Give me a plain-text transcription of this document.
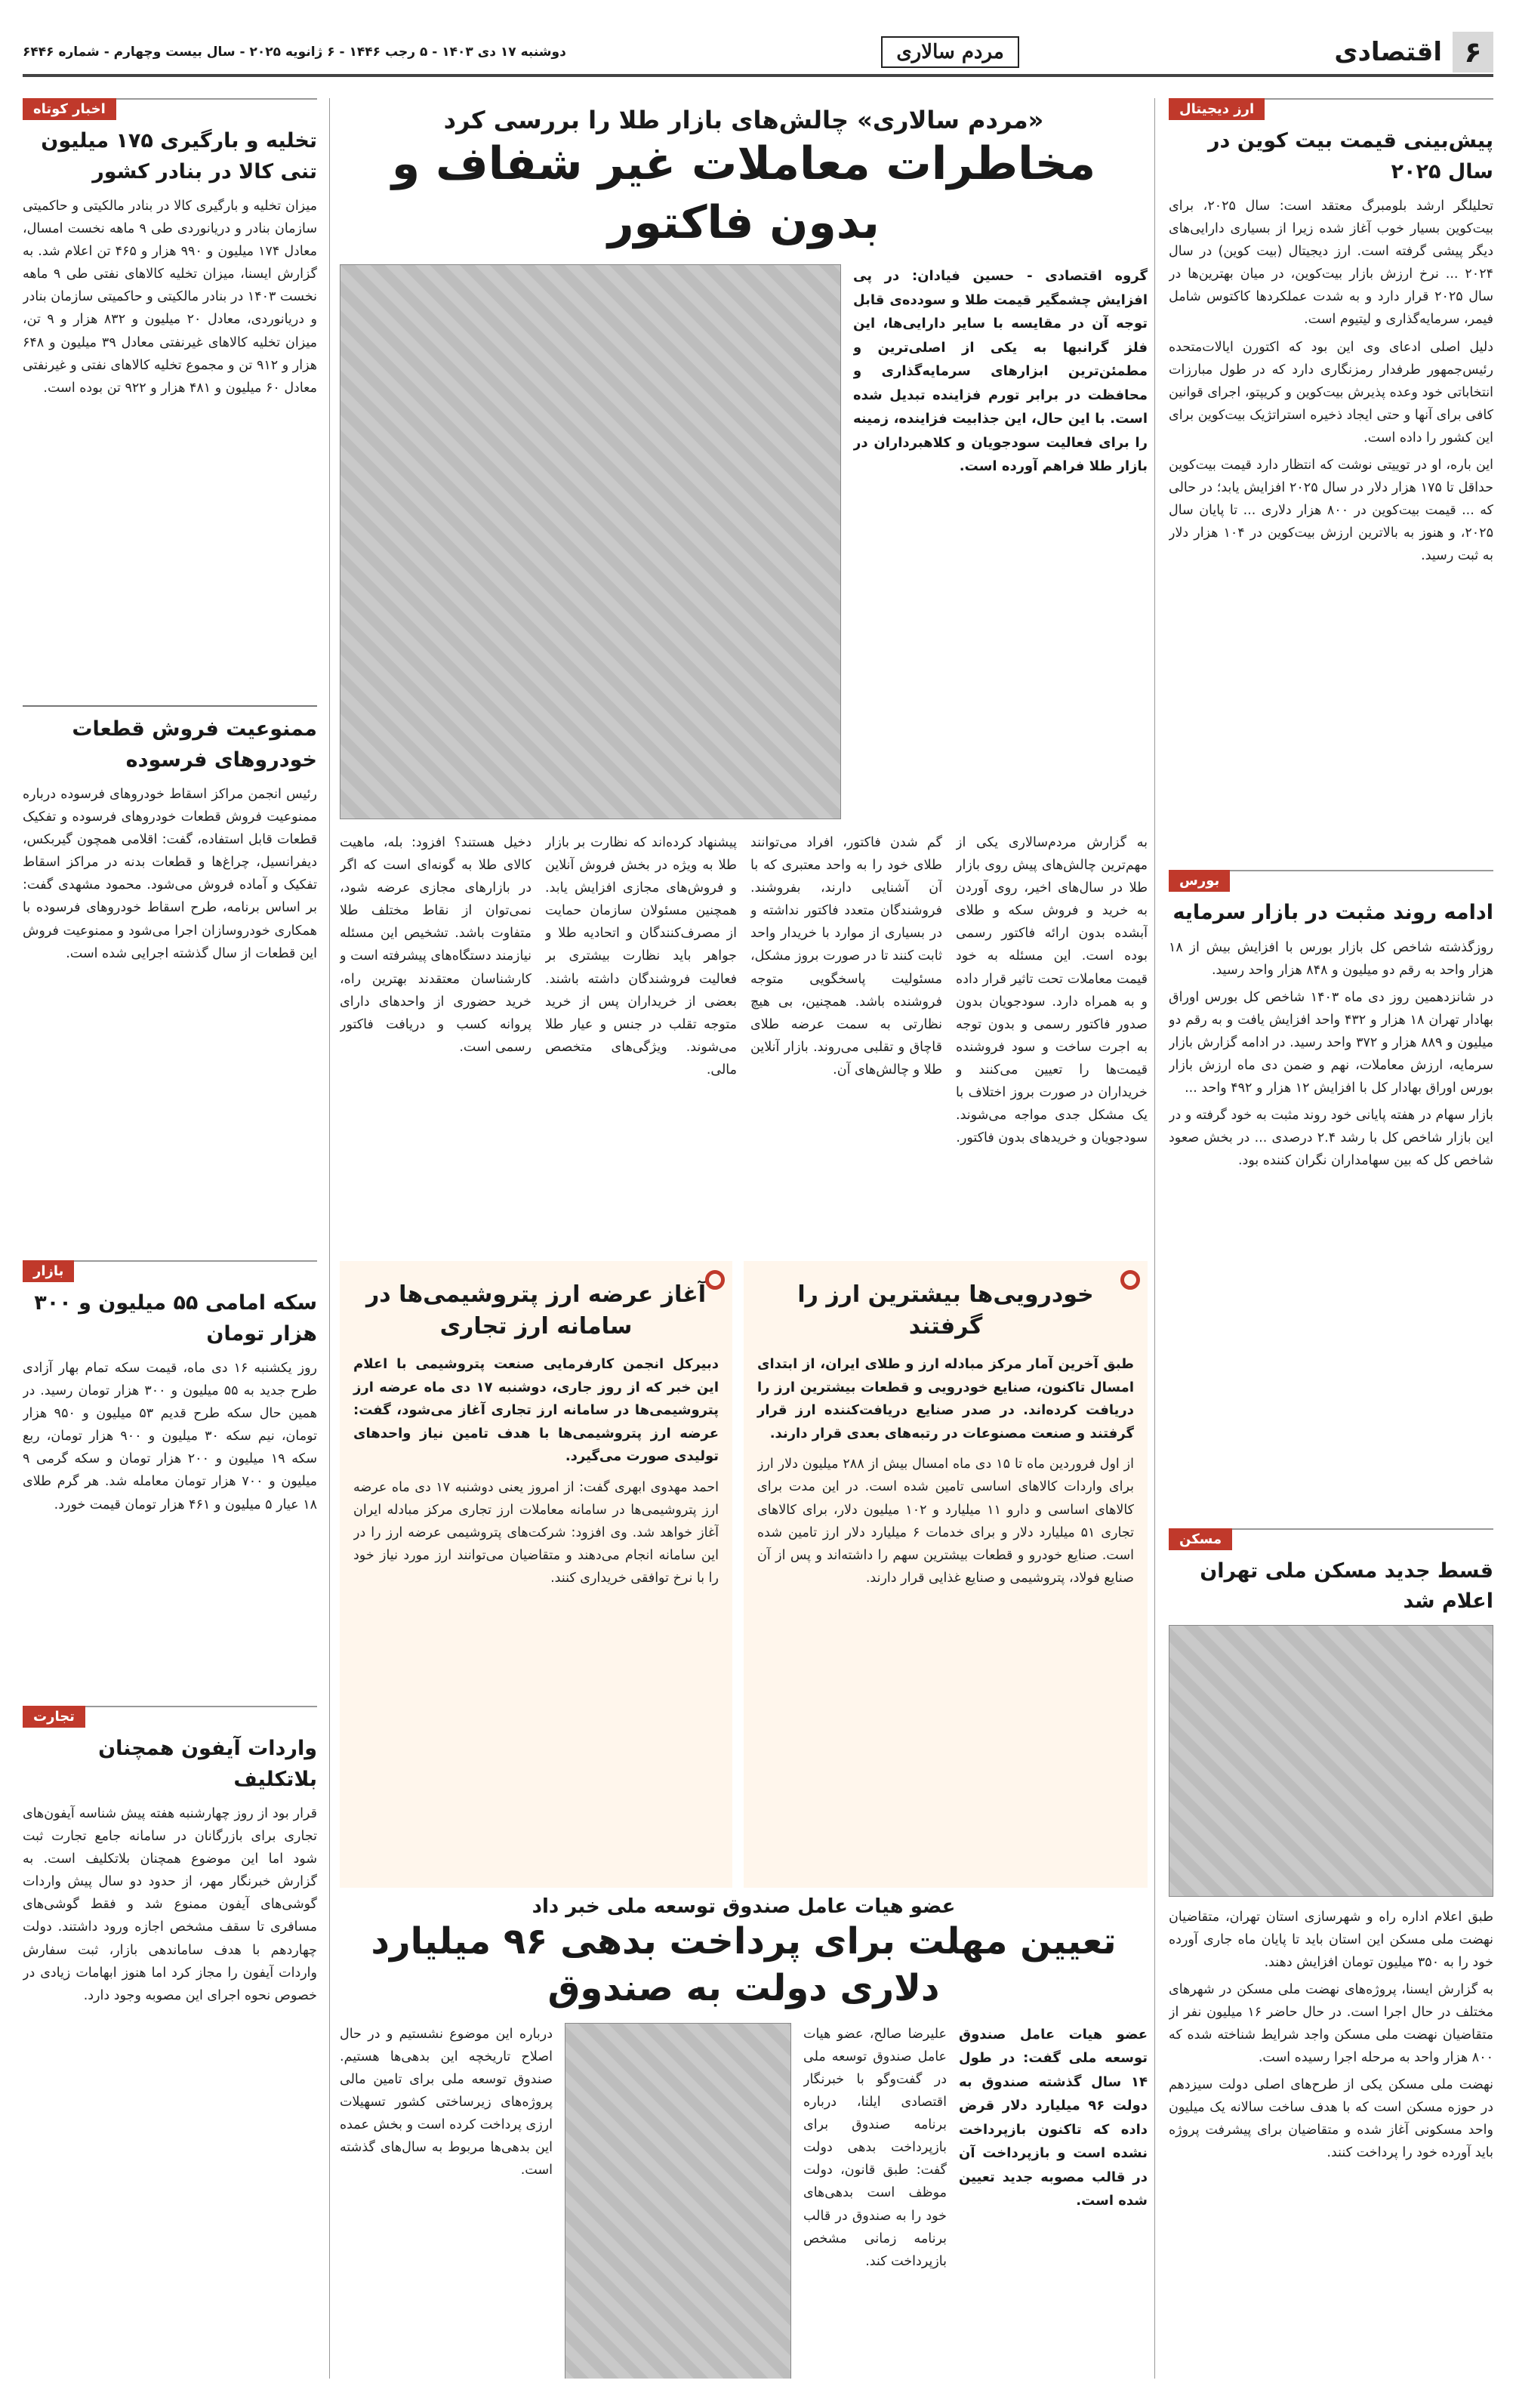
۶
اقتصادی
مردم سالاری
دوشنبه ۱۷ دی ۱۴۰۳ - ۵ رجب ۱۴۴۶ - ۶ ژانویه ۲۰۲۵ - سال بیست وچهارم - شماره ۶۴۴۶
ارز دیجیتال
پیش‌بینی قیمت بیت کوین در سال ۲۰۲۵

تحلیلگر ارشد بلومبرگ معتقد است: سال ۲۰۲۵، برای بیت‌کوین بسیار خوب آغاز شده زیرا از بسیاری دارایی‌های دیگر پیشی گرفته است. ارز دیجیتال (بیت کوین) در سال ۲۰۲۴ ... نرخ ارزش بازار بیت‌کوین، در میان بهترین‌ها در سال ۲۰۲۵ قرار دارد و به شدت عملکردها کاکتوس شامل فیمر، سرمایه‌گذاری و لیتیوم است.

دلیل اصلی ادعای وی این بود که اکتورن ایالات‌متحده رئیس‌جمهور طرفدار رمزنگاری دارد که در طول مبارزات انتخاباتی خود وعده پذیرش بیت‌کوین و کریپتو، اجرای قوانین کافی برای آنها و حتی ایجاد ذخیره استراتژیک بیت‌کوین برای این کشور را داده است.

این باره، او در توییتی نوشت که انتظار دارد قیمت بیت‌کوین حداقل تا ۱۷۵ هزار دلار در سال ۲۰۲۵ افزایش یابد؛ در حالی که ... قیمت بیت‌کوین در ۸۰۰ هزار دلاری ... تا پایان سال ۲۰۲۵، و هنوز به بالاترین ارزش بیت‌کوین در ۱۰۴ هزار دلار به ثبت رسید.

بورس
ادامه روند مثبت در بازار سرمایه

روزگذشته شاخص کل بازار بورس با افزایش بیش از ۱۸ هزار واحد به رقم دو میلیون و ۸۴۸ هزار واحد رسید.

در شانزدهمین روز دی ماه ۱۴۰۳ شاخص کل بورس اوراق بهادار تهران ۱۸ هزار و ۴۳۲ واحد افزایش یافت و به رقم دو میلیون و ۸۸۹ هزار و ۳۷۲ واحد رسید. در ادامه گزارش بازار سرمایه، ارزش معاملات، نهم و ضمن دی ماه ارزش بازار بورس اوراق بهادار کل با افزایش ۱۲ هزار و ۴۹۲ واحد ...

بازار سهام در هفته پایانی خود روند مثبت به خود گرفته و در این بازار شاخص کل با رشد ۲.۴ درصدی ... در بخش صعود شاخص کل که بین سهامداران نگران کننده بود.

مسکن
قسط جدید مسکن ملی تهران اعلام شد

طبق اعلام اداره راه و شهرسازی استان تهران، متقاضیان نهضت ملی مسکن این استان باید تا پایان ماه جاری آورده خود را به ۳۵۰ میلیون تومان افزایش دهند.

به گزارش ایسنا، پروژه‌های نهضت ملی مسکن در شهرهای مختلف در حال اجرا است. در حال حاضر ۱۶ میلیون نفر از متقاضیان نهضت ملی مسکن واجد شرایط شناخته شده که ۸۰۰ هزار واحد به مرحله اجرا رسیده است.

نهضت ملی مسکن یکی از طرح‌های اصلی دولت سیزدهم در حوزه مسکن است که با هدف ساخت سالانه یک میلیون واحد مسکونی آغاز شده و متقاضیان برای پیشرفت پروژه باید آورده خود را پرداخت کنند.

اخبار کوتاه
تخلیه و بارگیری ۱۷۵ میلیون تنی کالا در بنادر کشور
میزان تخلیه و بارگیری کالا در بنادر مالکیتی و حاکمیتی سازمان بنادر و دریانوردی طی ۹ ماهه نخست امسال، معادل ۱۷۴ میلیون و ۹۹۰ هزار و ۴۶۵ تن اعلام شد. به گزارش ایسنا، میزان تخلیه کالاهای نفتی طی ۹ ماهه نخست ۱۴۰۳ در بنادر مالکیتی و حاکمیتی سازمان بنادر و دریانوردی، معادل ۲۰ میلیون و ۸۳۲ هزار و ۹ تن، میزان تخلیه کالاهای غیرنفتی معادل ۳۹ میلیون و ۶۴۸ هزار و ۹۱۲ تن و مجموع تخلیه کالاهای نفتی و غیرنفتی معادل ۶۰ میلیون و ۴۸۱ هزار و ۹۲۲ تن بوده است.
ممنوعیت فروش قطعات خودروهای فرسوده
رئیس انجمن مراکز اسقاط خودروهای فرسوده درباره ممنوعیت فروش قطعات خودروهای فرسوده و تفکیک قطعات قابل استفاده، گفت: اقلامی همچون گیربکس، دیفرانسیل، چراغ‌ها و قطعات بدنه در مراکز اسقاط تفکیک و آماده فروش می‌شود. محمود مشهدی گفت: بر اساس برنامه، طرح اسقاط خودروهای فرسوده با همکاری خودروسازان اجرا می‌شود و ممنوعیت فروش این قطعات از سال گذشته اجرایی شده است.
بازار
سکه امامی ۵۵ میلیون و ۳۰۰ هزار تومان
روز یکشنبه ۱۶ دی ماه، قیمت سکه تمام بهار آزادی طرح جدید به ۵۵ میلیون و ۳۰۰ هزار تومان رسید. در همین حال سکه طرح قدیم ۵۳ میلیون و ۹۵۰ هزار تومان، نیم سکه ۳۰ میلیون و ۹۰۰ هزار تومان، ربع سکه ۱۹ میلیون و ۲۰۰ هزار تومان و سکه گرمی ۹ میلیون و ۷۰۰ هزار تومان معامله شد. هر گرم طلای ۱۸ عیار ۵ میلیون و ۴۶۱ هزار تومان قیمت خورد.
تجارت
واردات آیفون همچنان بلاتکلیف
قرار بود از روز چهارشنبه هفته پیش شناسه آیفون‌های تجاری برای بازرگانان در سامانه جامع تجارت ثبت شود اما این موضوع همچنان بلاتکلیف است. به گزارش خبرنگار مهر، از حدود دو سال پیش واردات گوشی‌های آیفون ممنوع شد و فقط گوشی‌های مسافری تا سقف مشخص اجازه ورود داشتند. دولت چهاردهم با هدف ساماندهی بازار، ثبت سفارش واردات آیفون را مجاز کرد اما هنوز ابهامات زیادی در خصوص نحوه اجرای این مصوبه وجود دارد.
«مردم سالاری» چالش‌های بازار طلا را بررسی کرد
مخاطرات معاملات غیر شفاف و بدون فاکتور
گروه اقتصادی - حسین فیادان: در پی افزایش چشمگیر قیمت طلا و سودده‌ی قابل توجه آن در مقایسه با سایر دارایی‌ها، این فلز گرانبها به یکی از اصلی‌ترین و مطمئن‌ترین ابزارهای سرمایه‌گذاری و محافظت در برابر تورم فزاینده تبدیل شده است. با این حال، این جذابیت فزاینده، زمینه را برای فعالیت سودجویان و کلاهبرداران در بازار طلا فراهم آورده است.
به گزارش مردم‌سالاری یکی از مهم‌ترین چالش‌های پیش روی بازار طلا در سال‌های اخیر، روی آوردن به خرید و فروش سکه و طلای آبشده بدون ارائه فاکتور رسمی بوده است. این مسئله به خود قیمت معاملات تحت تاثیر قرار داده و به همراه دارد. سودجویان بدون صدور فاکتور رسمی و بدون توجه به اجرت ساخت و سود فروشنده قیمت‌ها را تعیین می‌کنند و خریداران در صورت بروز اختلاف با یک مشکل جدی مواجه می‌شوند. سودجویان و خریدهای بدون فاکتور.
گم شدن فاکتور، افراد می‌توانند طلای خود را به واحد معتبری که با آن آشنایی دارند، بفروشند. فروشندگان متعدد فاکتور نداشته و در بسیاری از موارد با خریدار واحد ثابت کنند تا در صورت بروز مشکل، مسئولیت پاسخگویی متوجه فروشنده باشد. همچنین، بی هیچ نظارتی به سمت عرضه طلای قاچاق و تقلبی می‌روند. بازار آنلاین طلا و چالش‌های آن.
پیشنهاد کرده‌اند که نظارت بر بازار طلا به ویژه در بخش فروش آنلاین و فروش‌های مجازی افزایش یابد. همچنین مسئولان سازمان حمایت از مصرف‌کنندگان و اتحادیه طلا و جواهر باید نظارت بیشتری بر فعالیت فروشندگان داشته باشند. بعضی از خریداران پس از خرید متوجه تقلب در جنس و عیار طلا می‌شوند. ویژگی‌های متخصص مالی.
دخیل هستند؟ افزود: بله، ماهیت کالای طلا به گونه‌ای است که اگر در بازارهای مجازی عرضه شود، نمی‌توان از نقاط مختلف طلا متفاوت باشد. تشخیص این مسئله نیازمند دستگاه‌های پیشرفته است و کارشناسان معتقدند بهترین راه، خرید حضوری از واحدهای دارای پروانه کسب و دریافت فاکتور رسمی است.
خودرویی‌ها بیشترین ارز را گرفتند
طبق آخرین آمار مرکز مبادله ارز و طلای ایران، از ابتدای امسال تاکنون، صنایع خودرویی و قطعات بیشترین ارز را دریافت کرده‌اند. در صدر صنایع دریافت‌کننده ارز قرار گرفتند و صنعت مصنوعات در رتبه‌های بعدی قرار دارند.
از اول فروردین ماه تا ۱۵ دی ماه امسال بیش از ۲۸۸ میلیون دلار ارز برای واردات کالاهای اساسی تامین شده است. در این مدت برای کالاهای اساسی و دارو ۱۱ میلیارد و ۱۰۲ میلیون دلار، برای کالاهای تجاری ۵۱ میلیارد دلار و برای خدمات ۶ میلیارد دلار ارز تامین شده است. صنایع خودرو و قطعات بیشترین سهم را داشته‌اند و پس از آن صنایع فولاد، پتروشیمی و صنایع غذایی قرار دارند.
آغاز عرضه ارز پتروشیمی‌ها در سامانه ارز تجاری
دبیرکل انجمن کارفرمایی صنعت پتروشیمی با اعلام این خبر که از روز جاری، دوشنبه ۱۷ دی ماه عرضه ارز پتروشیمی‌ها در سامانه ارز تجاری آغاز می‌شود، گفت: عرضه ارز پتروشیمی‌ها با هدف تامین نیاز واحدهای تولیدی صورت می‌گیرد.
احمد مهدوی ابهری گفت: از امروز یعنی دوشنبه ۱۷ دی ماه عرضه ارز پتروشیمی‌ها در سامانه معاملات ارز تجاری مرکز مبادله ایران آغاز خواهد شد. وی افزود: شرکت‌های پتروشیمی عرضه ارز را در این سامانه انجام می‌دهند و متقاضیان می‌توانند ارز مورد نیاز خود را با نرخ توافقی خریداری کنند.
عضو هیات عامل صندوق توسعه ملی خبر داد
تعیین مهلت برای پرداخت بدهی ۹۶ میلیارد دلاری دولت به صندوق
عضو هیات عامل صندوق توسعه ملی گفت: در طول ۱۴ سال گذشته صندوق به دولت ۹۶ میلیارد دلار قرض داده که تاکنون بازپرداخت نشده است و بازپرداخت آن در قالب مصوبه جدید تعیین شده است.
علیرضا صالح، عضو هیات عامل صندوق توسعه ملی در گفت‌وگو با خبرنگار اقتصادی ایلنا، درباره برنامه صندوق برای بازپرداخت بدهی دولت گفت: طبق قانون، دولت موظف است بدهی‌های خود را به صندوق در قالب برنامه زمانی مشخص بازپرداخت کند.
درباره این موضوع نشستیم و در حال اصلاح تاریخچه این بدهی‌ها هستیم. صندوق توسعه ملی برای تامین مالی پروژه‌های زیرساختی کشور تسهیلات ارزی پرداخت کرده است و بخش عمده این بدهی‌ها مربوط به سال‌های گذشته است.
